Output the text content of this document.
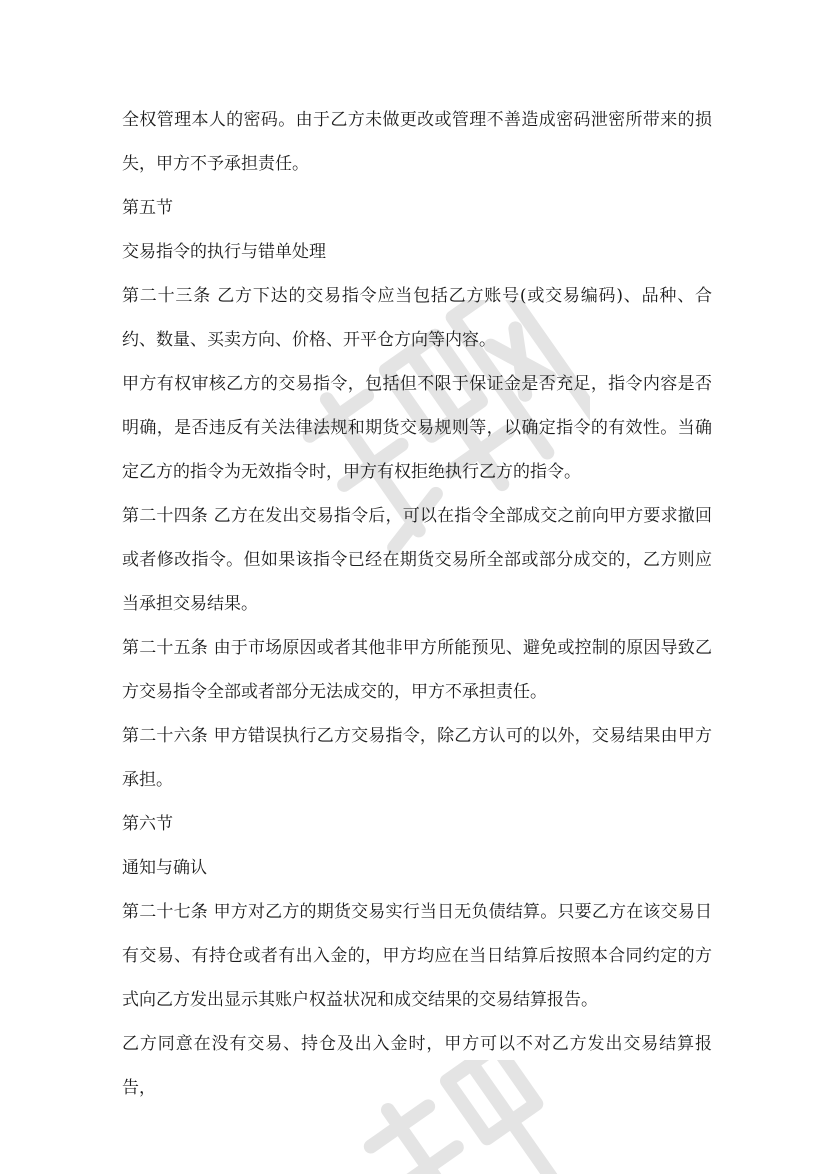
全权管理本人的密码。由于乙方未做更改或管理不善造成密码泄密所带来的损失，甲方不予承担责任。

第五节

交易指令的执行与错单处理

第二十三条 乙方下达的交易指令应当包括乙方账号(或交易编码)、品种、合约、数量、买卖方向、价格、开平仓方向等内容。

甲方有权审核乙方的交易指令，包括但不限于保证金是否充足，指令内容是否明确，是否违反有关法律法规和期货交易规则等，以确定指令的有效性。当确定乙方的指令为无效指令时，甲方有权拒绝执行乙方的指令。

第二十四条 乙方在发出交易指令后，可以在指令全部成交之前向甲方要求撤回或者修改指令。但如果该指令已经在期货交易所全部或部分成交的，乙方则应当承担交易结果。

第二十五条 由于市场原因或者其他非甲方所能预见、避免或控制的原因导致乙方交易指令全部或者部分无法成交的，甲方不承担责任。

第二十六条 甲方错误执行乙方交易指令，除乙方认可的以外，交易结果由甲方承担。

第六节

通知与确认

第二十七条 甲方对乙方的期货交易实行当日无负债结算。只要乙方在该交易日有交易、有持仓或者有出入金的，甲方均应在当日结算后按照本合同约定的方式向乙方发出显示其账户权益状况和成交结果的交易结算报告。

乙方同意在没有交易、持仓及出入金时，甲方可以不对乙方发出交易结算报告，
